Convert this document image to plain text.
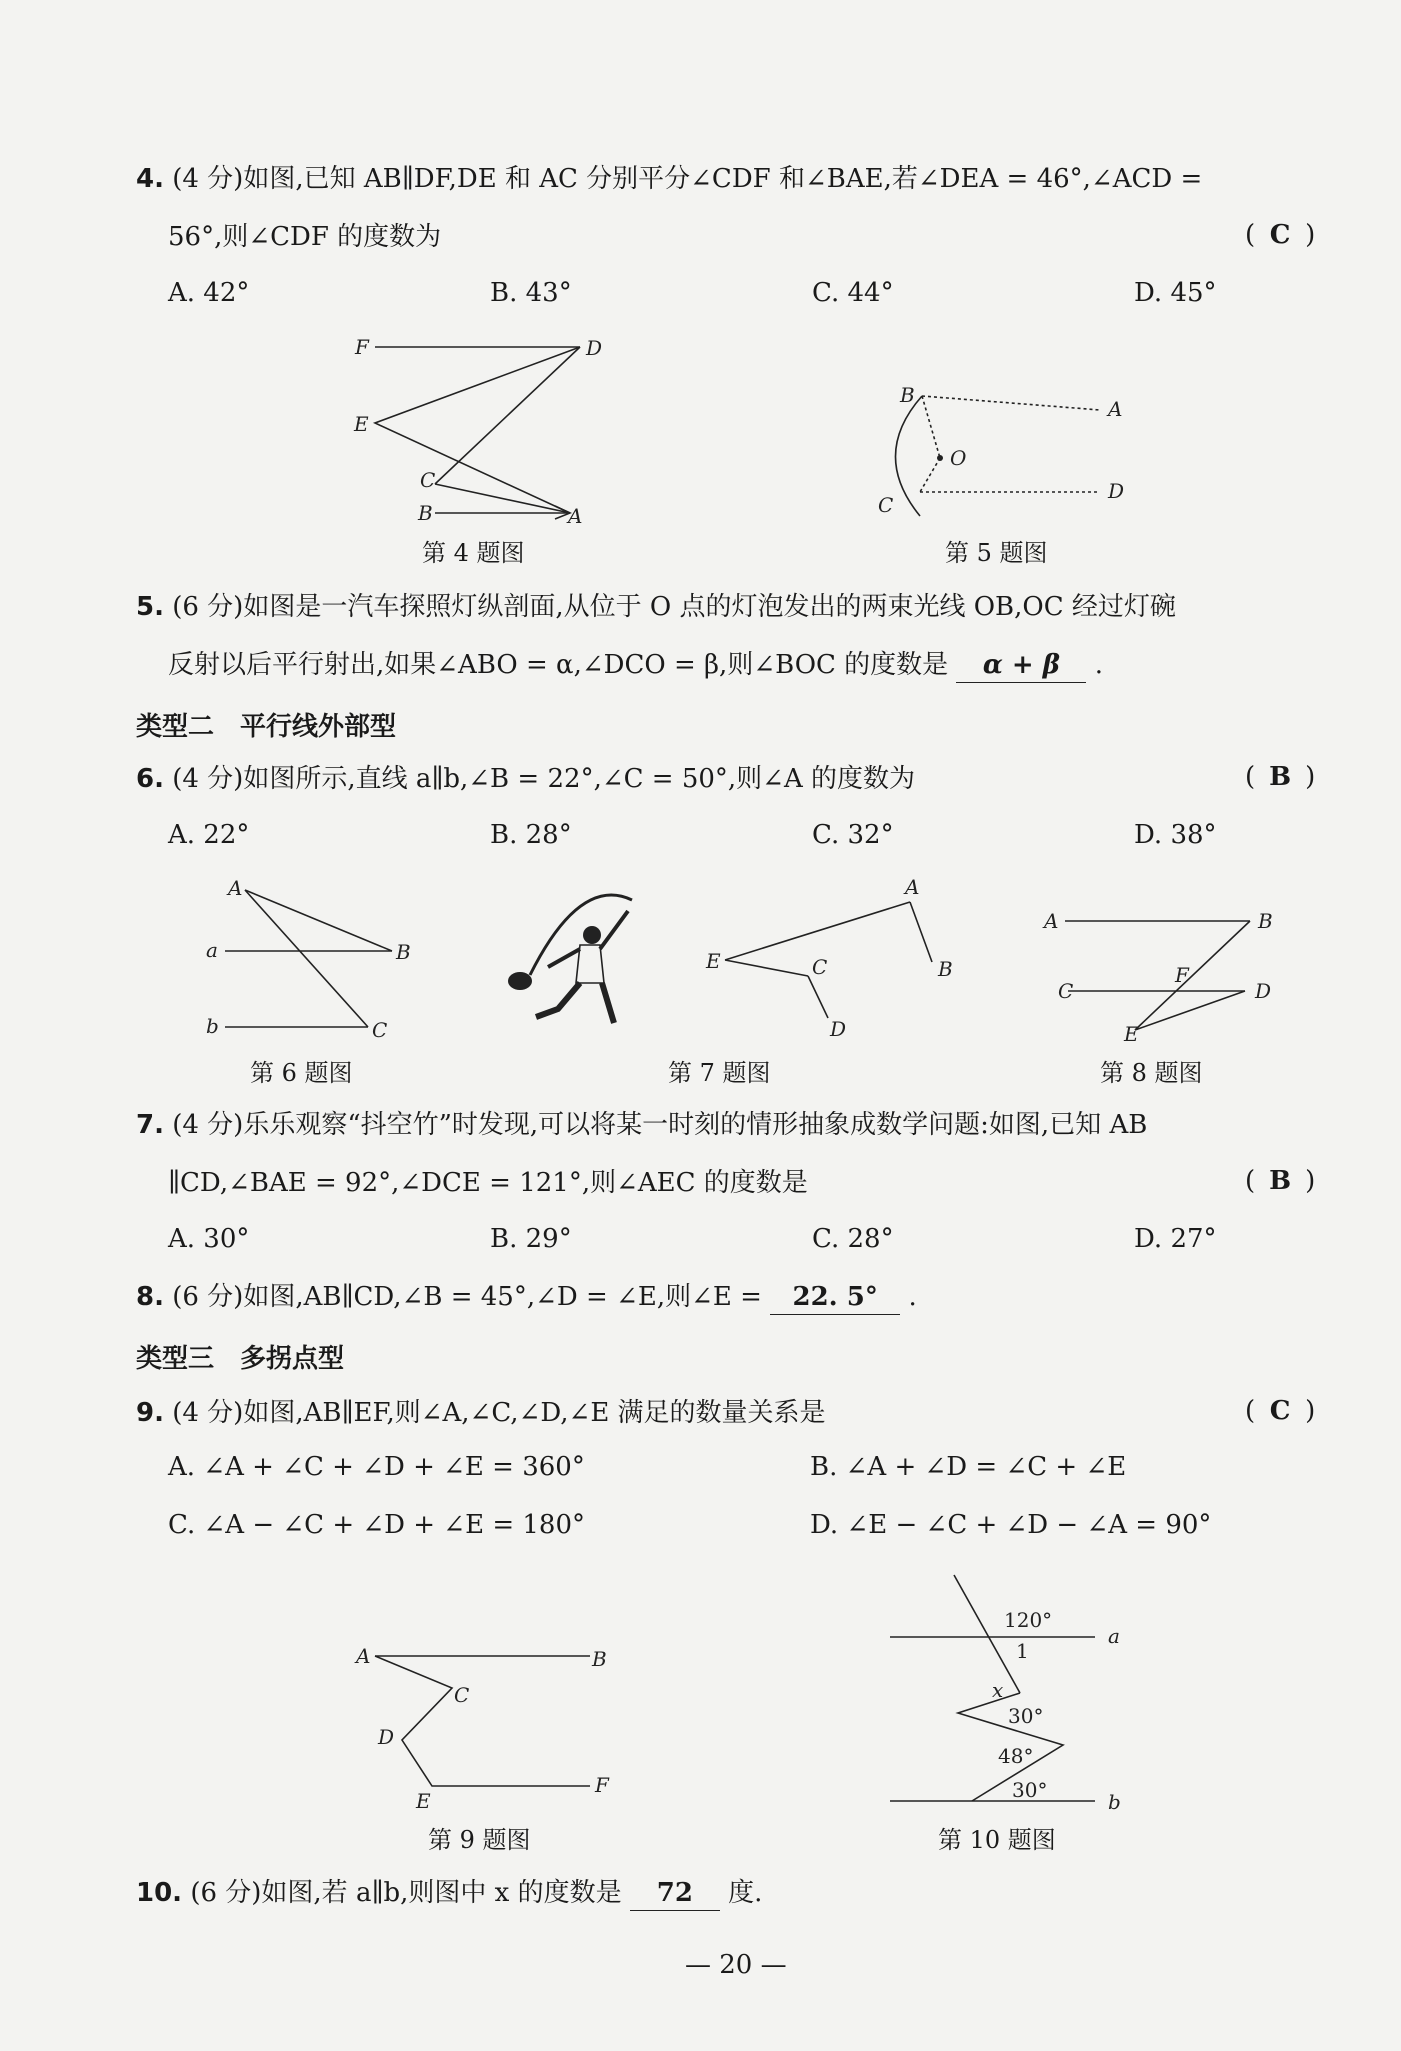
4. (4 分)如图,已知 AB∥DF,DE 和 AC 分别平分∠CDF 和∠BAE,若∠DEA = 46°,∠ACD =
56°,则∠CDF 的度数为	( C )
A. 42°	B. 43°	C. 44°	D. 45°
F	D
E
C
B	A
第 4 题图
B
A
O
C
D
第 5 题图
5. (6 分)如图是一汽车探照灯纵剖面,从位于 O 点的灯泡发出的两束光线 OB,OC 经过灯碗
反射以后平行射出,如果∠ABO = α,∠DCO = β,则∠BOC 的度数是 α + β .
类型二　平行线外部型
6. (4 分)如图所示,直线 a∥b,∠B = 22°,∠C = 50°,则∠A 的度数为	( B )
A. 22°	B. 28°	C. 32°	D. 38°
A
a	B
b	C
第 6 题图
A
E	C	B
D
第 7 题图
A	B
F
C	D
E
第 8 题图
7. (4 分)乐乐观察“抖空竹”时发现,可以将某一时刻的情形抽象成数学问题:如图,已知 AB
∥CD,∠BAE = 92°,∠DCE = 121°,则∠AEC 的度数是	( B )
A. 30°	B. 29°	C. 28°	D. 27°
8. (6 分)如图,AB∥CD,∠B = 45°,∠D = ∠E,则∠E = 22. 5° .
类型三　多拐点型
9. (4 分)如图,AB∥EF,则∠A,∠C,∠D,∠E 满足的数量关系是	( C )
A. ∠A + ∠C + ∠D + ∠E = 360°	B. ∠A + ∠D = ∠C + ∠E
C. ∠A − ∠C + ∠D + ∠E = 180°	D. ∠E − ∠C + ∠D − ∠A = 90°
A	B
C
D
E
F
第 9 题图
120°
1
a
x
30°
48°
30°	b
第 10 题图
10. (6 分)如图,若 a∥b,则图中 x 的度数是 72 度.
— 20 —
